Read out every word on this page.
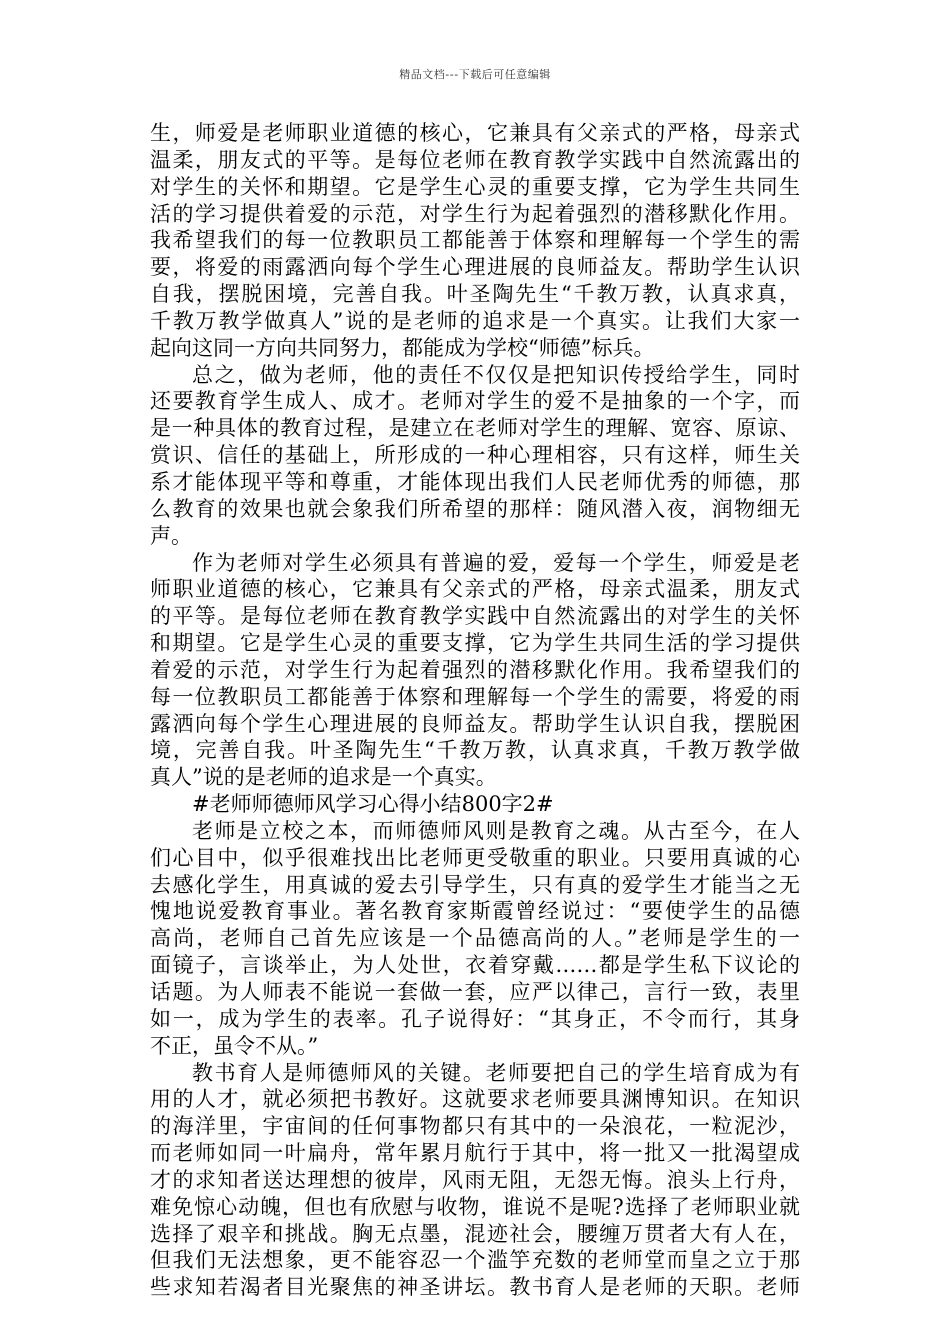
精品文档---下载后可任意编辑
生，师爱是老师职业道德的核心，它兼具有父亲式的严格，母亲式
温柔，朋友式的平等。是每位老师在教育教学实践中自然流露出的
对学生的关怀和期望。它是学生心灵的重要支撑，它为学生共同生
活的学习提供着爱的示范，对学生行为起着强烈的潜移默化作用。
我希望我们的每一位教职员工都能善于体察和理解每一个学生的需
要，将爱的雨露洒向每个学生心理进展的良师益友。帮助学生认识
自我，摆脱困境，完善自我。叶圣陶先生“千教万教，认真求真，
千教万教学做真人”说的是老师的追求是一个真实。让我们大家一
起向这同一方向共同努力，都能成为学校“师德”标兵。
总之，做为老师，他的责任不仅仅是把知识传授给学生，同时
还要教育学生成人、成才。老师对学生的爱不是抽象的一个字，而
是一种具体的教育过程，是建立在老师对学生的理解、宽容、原谅、
赏识、信任的基础上，所形成的一种心理相容，只有这样，师生关
系才能体现平等和尊重，才能体现出我们人民老师优秀的师德，那
么教育的效果也就会象我们所希望的那样：随风潜入夜，润物细无
声。
作为老师对学生必须具有普遍的爱，爱每一个学生，师爱是老
师职业道德的核心，它兼具有父亲式的严格，母亲式温柔，朋友式
的平等。是每位老师在教育教学实践中自然流露出的对学生的关怀
和期望。它是学生心灵的重要支撑，它为学生共同生活的学习提供
着爱的示范，对学生行为起着强烈的潜移默化作用。我希望我们的
每一位教职员工都能善于体察和理解每一个学生的需要，将爱的雨
露洒向每个学生心理进展的良师益友。帮助学生认识自我，摆脱困
境，完善自我。叶圣陶先生“千教万教，认真求真，千教万教学做
真人”说的是老师的追求是一个真实。
#老师师德师风学习心得小结800字2#
老师是立校之本，而师德师风则是教育之魂。从古至今，在人
们心目中，似乎很难找出比老师更受敬重的职业。只要用真诚的心
去感化学生，用真诚的爱去引导学生，只有真的爱学生才能当之无
愧地说爱教育事业。著名教育家斯霞曾经说过：“要使学生的品德
高尚，老师自己首先应该是一个品德高尚的人。”老师是学生的一
面镜子，言谈举止，为人处世，衣着穿戴……都是学生私下议论的
话题。为人师表不能说一套做一套，应严以律己，言行一致，表里
如一，成为学生的表率。孔子说得好：“其身正，不令而行，其身
不正，虽令不从。”
教书育人是师德师风的关键。老师要把自己的学生培育成为有
用的人才，就必须把书教好。这就要求老师要具渊博知识。在知识
的海洋里，宇宙间的任何事物都只有其中的一朵浪花，一粒泥沙，
而老师如同一叶扁舟，常年累月航行于其中，将一批又一批渴望成
才的求知者送达理想的彼岸，风雨无阻，无怨无悔。浪头上行舟，
难免惊心动魄，但也有欣慰与收物，谁说不是呢?选择了老师职业就
选择了艰辛和挑战。胸无点墨，混迹社会，腰缠万贯者大有人在，
但我们无法想象，更不能容忍一个滥竽充数的老师堂而皇之立于那
些求知若渴者目光聚焦的神圣讲坛。教书育人是老师的天职。老师
